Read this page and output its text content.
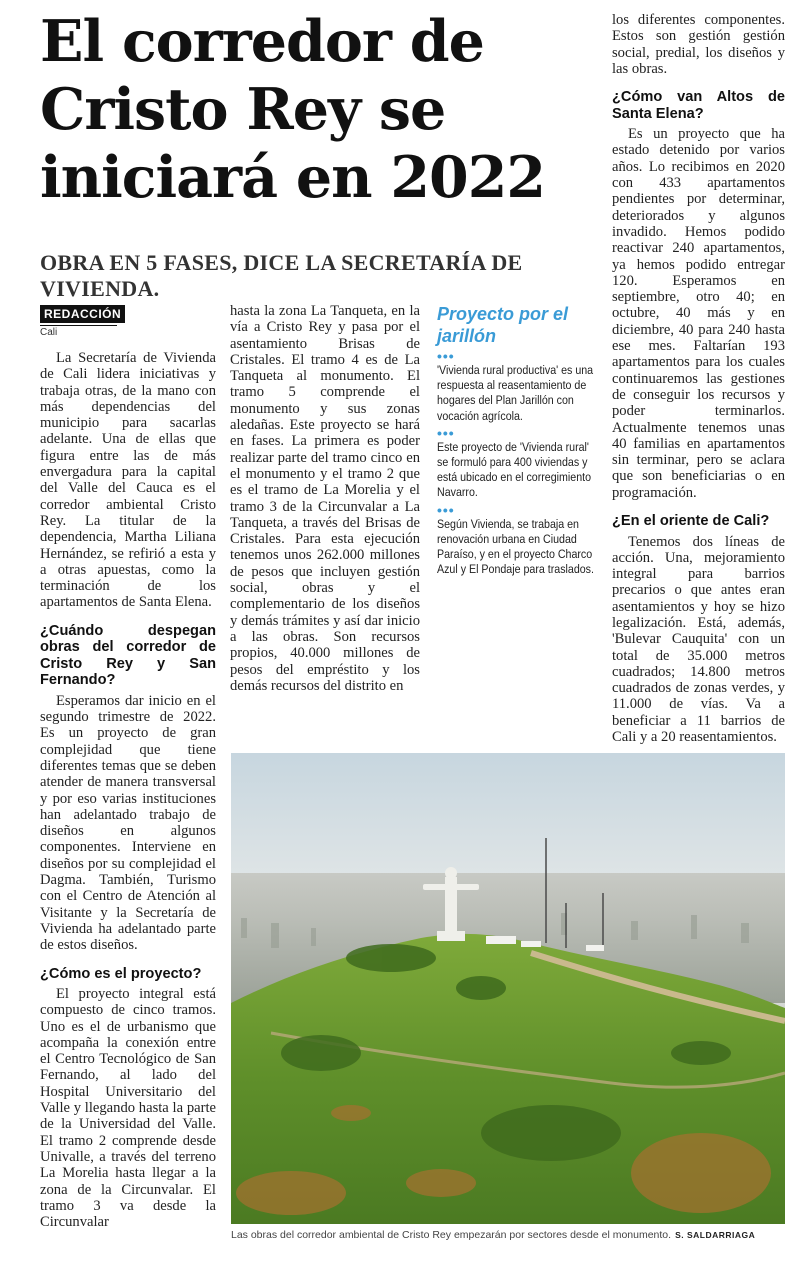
El corredor de Cristo Rey se iniciará en 2022
OBRA EN 5 FASES, DICE LA SECRETARÍA DE VIVIENDA.
REDACCIÓN
Cali

La Secretaría de Vivienda de Cali lidera iniciativas y trabaja otras, de la mano con más dependencias del municipio para sacarlas adelante. Una de ellas que figura entre las de más envergadura para la capital del Valle del Cauca es el corredor ambiental Cristo Rey. La titular de la dependencia, Martha Liliana Hernández, se refirió a esta y a otras apuestas, como la terminación de los apartamentos de Santa Elena.

¿Cuándo despegan obras del corredor de Cristo Rey y San Fernando?

Esperamos dar inicio en el segundo trimestre de 2022. Es un proyecto de gran complejidad que tiene diferentes temas que se deben atender de manera transversal y por eso varias instituciones han adelantado trabajo de diseños en algunos componentes. Interviene en diseños por su complejidad el Dagma. También, Turismo con el Centro de Atención al Visitante y la Secretaría de Vivienda ha adelantado parte de estos diseños.

¿Cómo es el proyecto?

El proyecto integral está compuesto de cinco tramos. Uno es el de urbanismo que acompaña la conexión entre el Centro Tecnológico de San Fernando, al lado del Hospital Universitario del Valle y llegando hasta la parte de la Universidad del Valle. El tramo 2 comprende desde Univalle, a través del terreno La Morelia hasta llegar a la zona de la Circunvalar. El tramo 3 va desde la Circunvalar

hasta la zona La Tanqueta, en la vía a Cristo Rey y pasa por el asentamiento Brisas de Cristales. El tramo 4 es de La Tanqueta al monumento. El tramo 5 comprende el monumento y sus zonas aledañas. Este proyecto se hará en fases. La primera es poder realizar parte del tramo cinco en el monumento y el tramo 2 que es el tramo de La Morelia y el tramo 3 de la Circunvalar a La Tanqueta, a través del Brisas de Cristales. Para esta ejecución tenemos unos 262.000 millones de pesos que incluyen gestión social, obras y el complementario de los diseños y demás trámites y así dar inicio a las obras. Son recursos propios, 40.000 millones de pesos del empréstito y los demás recursos del distrito en

Proyecto por el jarillón
•••

'Vivienda rural productiva' es una respuesta al reasentamiento de hogares del Plan Jarillón con vocación agrícola.

•••

Este proyecto de 'Vivienda rural' se formuló para 400 viviendas y está ubicado en el corregimiento Navarro.

•••

Según Vivienda, se trabaja en renovación urbana en Ciudad Paraíso, y en el proyecto Charco Azul y El Pondaje para traslados.

los diferentes componentes. Estos son gestión gestión social, predial, los diseños y las obras.

¿Cómo van Altos de Santa Elena?

Es un proyecto que ha estado detenido por varios años. Lo recibimos en 2020 con 433 apartamentos pendientes por determinar, deteriorados y algunos invadido. Hemos podido reactivar 240 apartamentos, ya hemos podido entregar 120. Esperamos en septiembre, otro 40; en octubre, 40 más y en diciembre, 40 para 240 hasta ese mes. Faltarían 193 apartamentos para los cuales continuaremos las gestiones de conseguir los recursos y poder terminarlos. Actualmente tenemos unas 40 familias en apartamentos sin terminar, pero se aclara que son beneficiarias o en programación.

¿En el oriente de Cali?

Tenemos dos líneas de acción. Una, mejoramiento integral para barrios precarios o que antes eran asentamientos y hoy se hizo legalización. Está, además, 'Bulevar Cauquita' con un total de 35.000 metros cuadrados; 14.800 metros cuadrados de zonas verdes, y 11.000 de vías. Va a beneficiar a 11 barrios de Cali y a 20 reasentamientos.

Las obras del corredor ambiental de Cristo Rey empezarán por sectores desde el monumento. S. SALDARRIAGA
